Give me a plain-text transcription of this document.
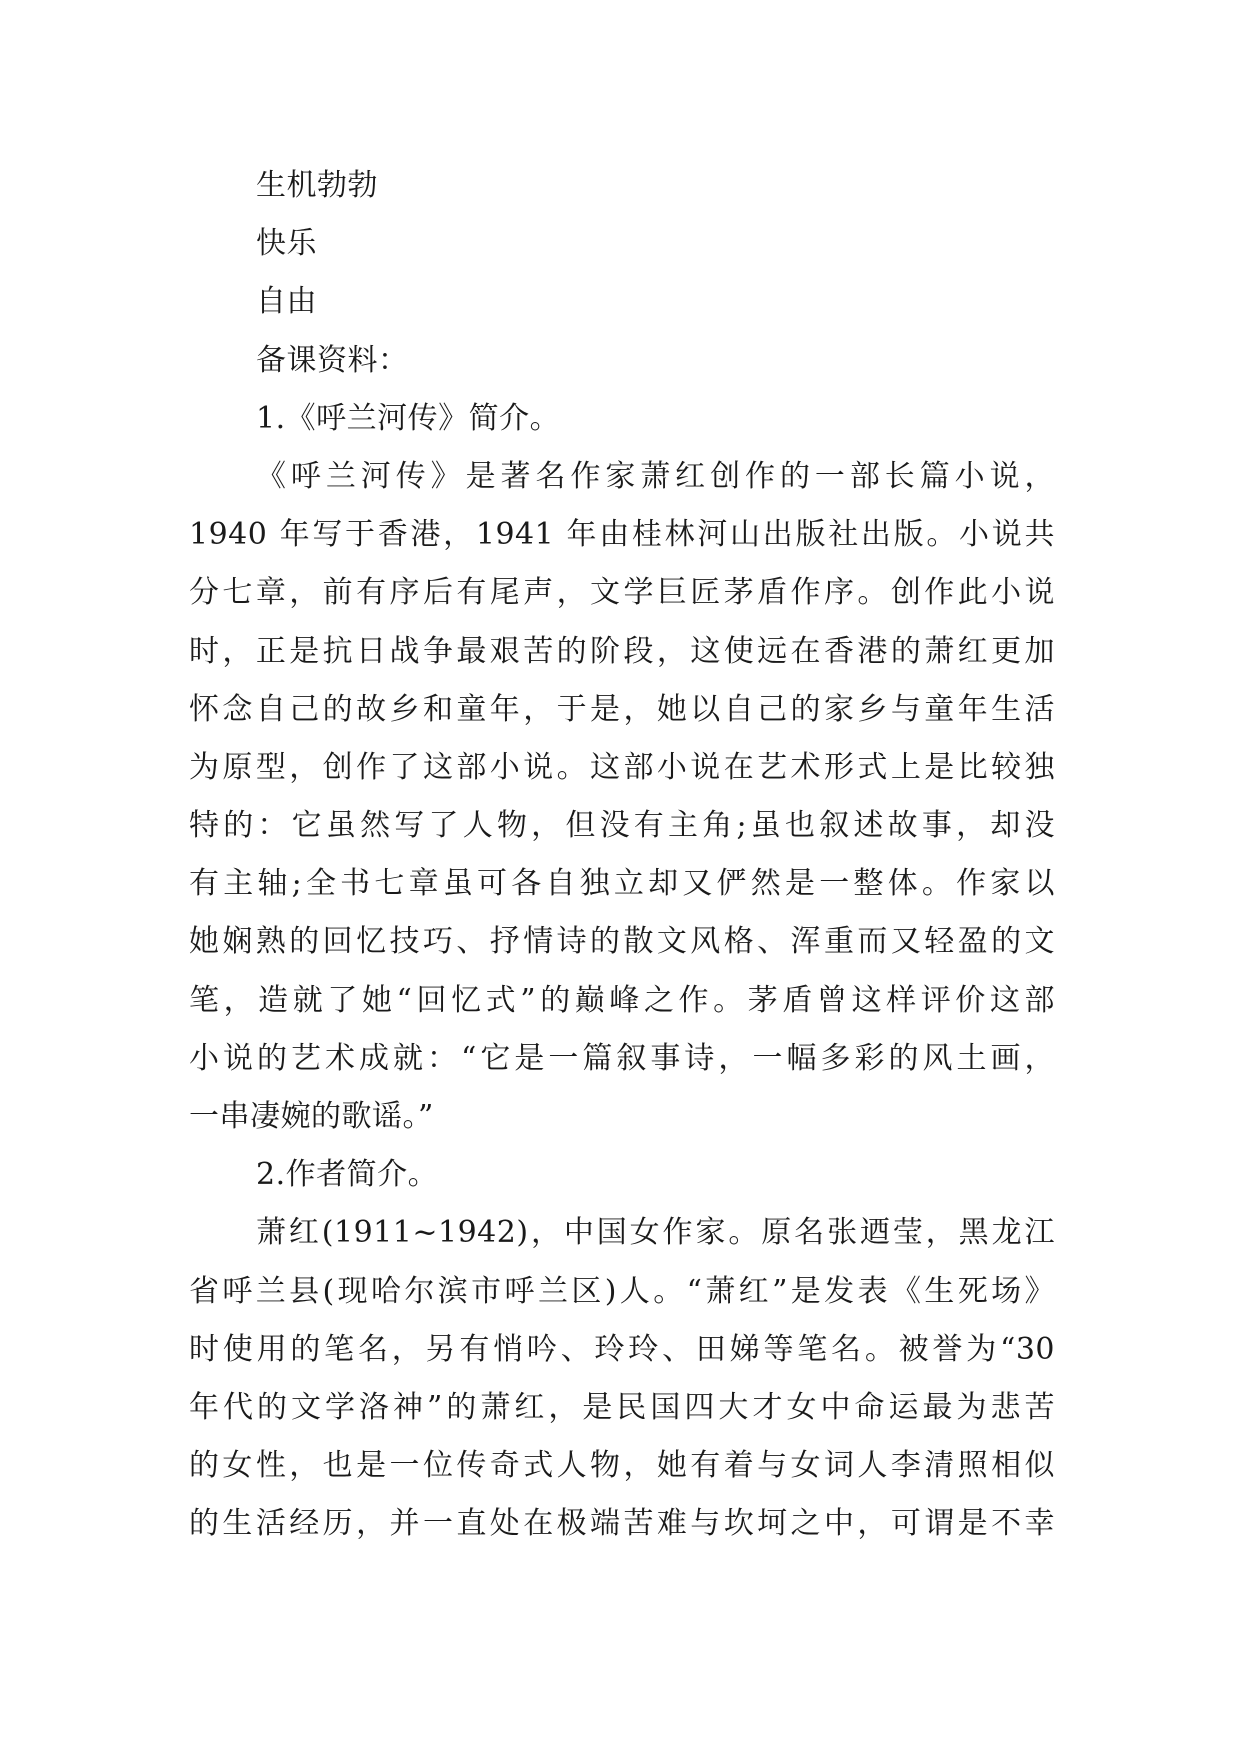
生机勃勃
快乐
自由
备课资料：
1.《呼兰河传》简介。
《呼兰河传》是著名作家萧红创作的一部长篇小说，
1940 年写于香港，1941 年由桂林河山出版社出版。小说共
分七章，前有序后有尾声，文学巨匠茅盾作序。创作此小说
时，正是抗日战争最艰苦的阶段，这使远在香港的萧红更加
怀念自己的故乡和童年，于是，她以自己的家乡与童年生活
为原型，创作了这部小说。这部小说在艺术形式上是比较独
特的：它虽然写了人物，但没有主角;虽也叙述故事，却没
有主轴;全书七章虽可各自独立却又俨然是一整体。作家以
她娴熟的回忆技巧、抒情诗的散文风格、浑重而又轻盈的文
笔，造就了她“回忆式”的巅峰之作。茅盾曾这样评价这部
小说的艺术成就：“它是一篇叙事诗，一幅多彩的风土画，
一串凄婉的歌谣。”
2.作者简介。
萧红(1911~1942)，中国女作家。原名张迺莹，黑龙江
省呼兰县(现哈尔滨市呼兰区)人。“萧红”是发表《生死场》
时使用的笔名，另有悄吟、玲玲、田娣等笔名。被誉为“30
年代的文学洛神”的萧红，是民国四大才女中命运最为悲苦
的女性，也是一位传奇式人物，她有着与女词人李清照相似
的生活经历，并一直处在极端苦难与坎坷之中，可谓是不幸
